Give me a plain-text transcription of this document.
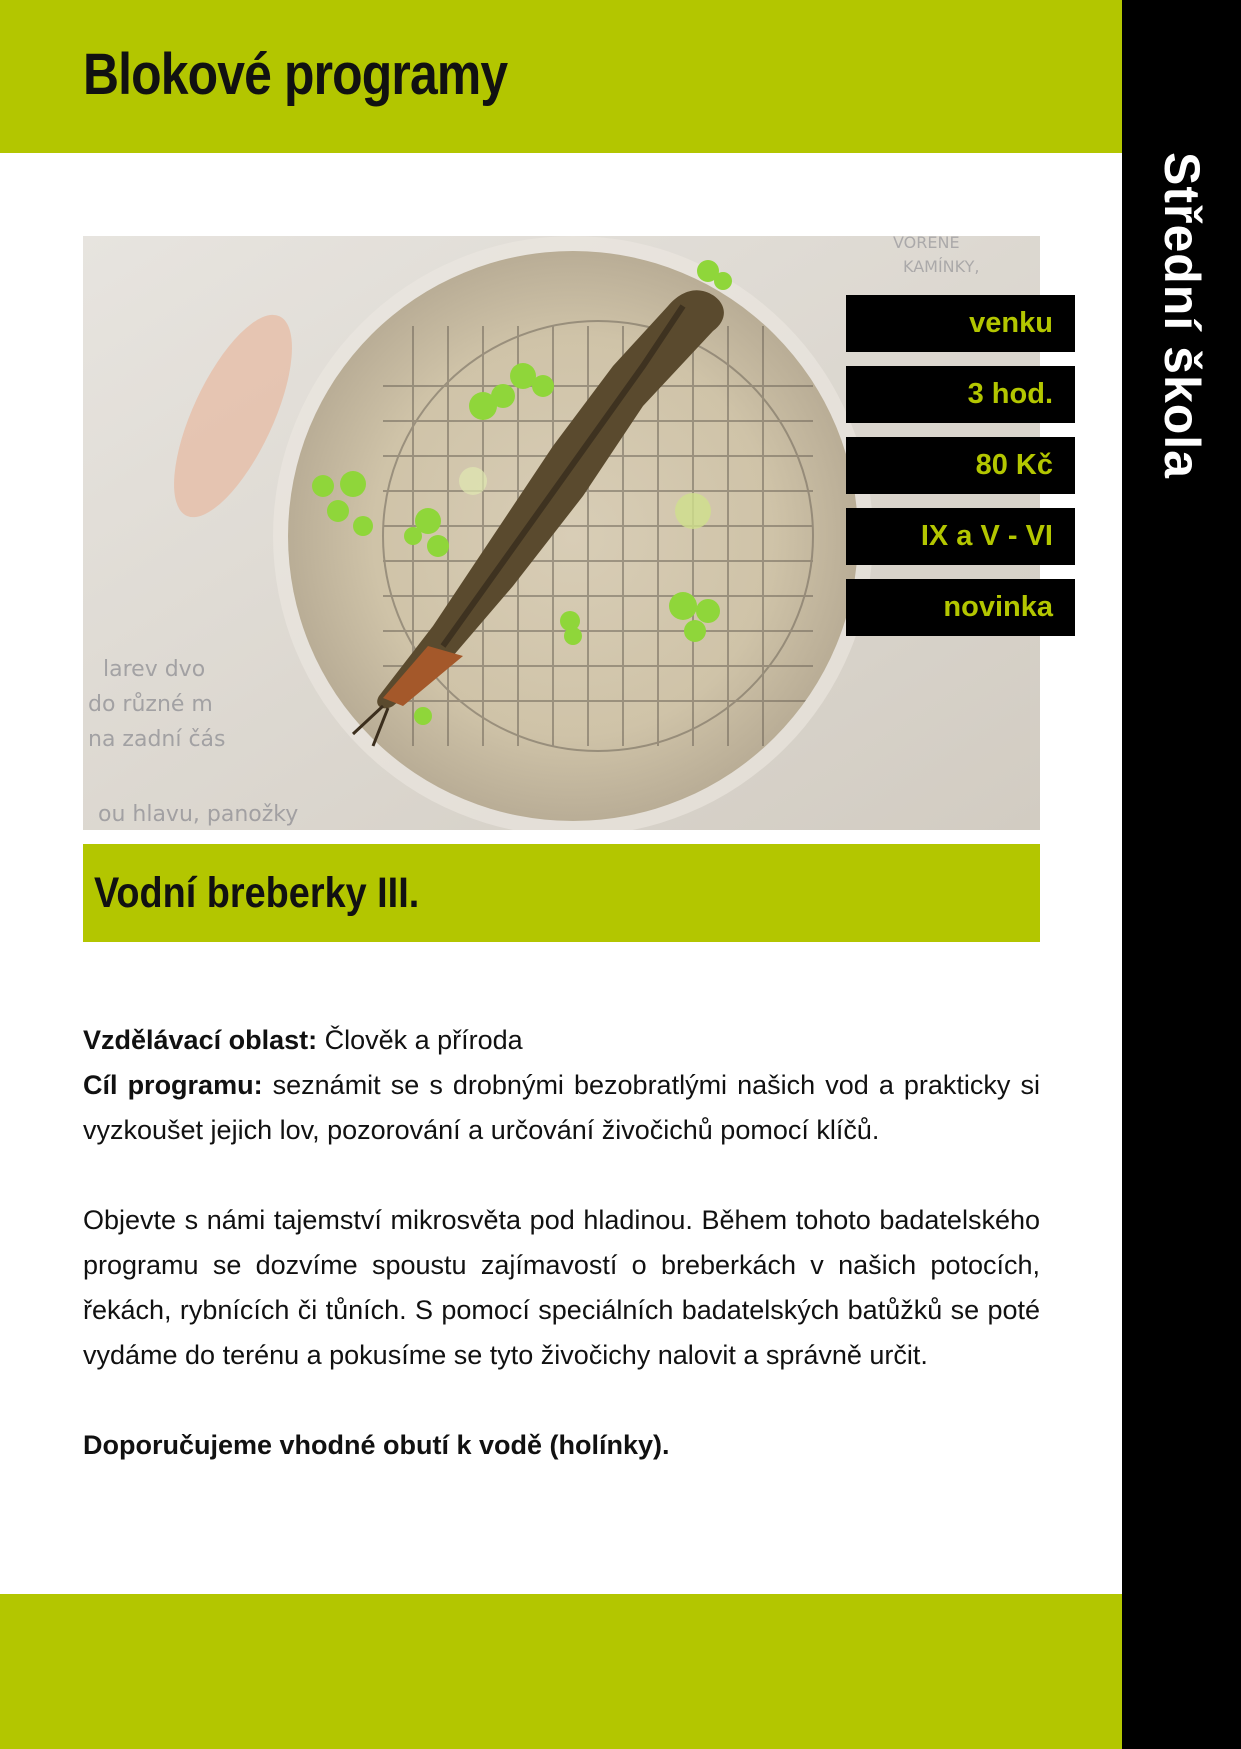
Blokové programy
Střední škola
larev dvo
do různé m
na zadní čás
ou hlavu, panožky
VORENE
KAMÍNKY,
venku
3 hod.
80 Kč
IX a V - VI
novinka
Vodní breberky III.

Vzdělávací oblast: Člověk a příroda

Cíl programu: seznámit se s drobnými bezobratlými našich vod a prakticky si vyzkoušet jejich lov, pozorování a určování živočichů pomocí klíčů.

Objevte s námi tajemství mikrosvěta pod hladinou. Během tohoto badatelského programu se dozvíme spoustu zajímavostí o breberkách v našich potocích, řekách, rybnících či tůních. S pomocí speciálních badatelských batůžků se poté vydáme do terénu a pokusíme se tyto živočichy nalovit a správně určit.

Doporučujeme vhodné obutí k vodě (holínky).
